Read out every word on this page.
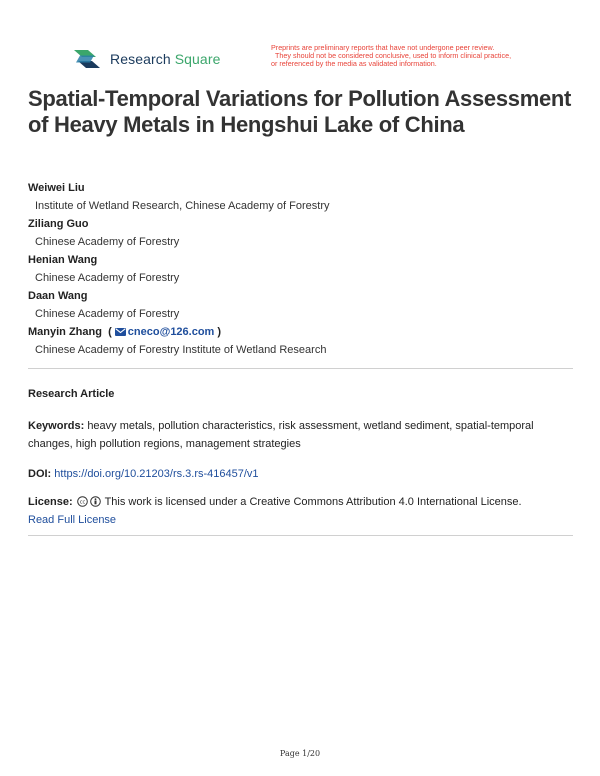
Research Square
Preprints are preliminary reports that have not undergone peer review.
They should not be considered conclusive, used to inform clinical practice,
or referenced by the media as validated information.
Spatial-Temporal Variations for Pollution Assessment of Heavy Metals in Hengshui Lake of China
Weiwei Liu
Institute of Wetland Research, Chinese Academy of Forestry
Ziliang Guo
Chinese Academy of Forestry
Henian Wang
Chinese Academy of Forestry
Daan Wang
Chinese Academy of Forestry
Manyin Zhang  ( cneco@126.com )
Chinese Academy of Forestry Institute of Wetland Research
Research Article
Keywords: heavy metals, pollution characteristics, risk assessment, wetland sediment, spatial-temporal changes, high pollution regions, management strategies
DOI: https://doi.org/10.21203/rs.3.rs-416457/v1
License: cc This work is licensed under a Creative Commons Attribution 4.0 International License.
Read Full License
Page 1/20
